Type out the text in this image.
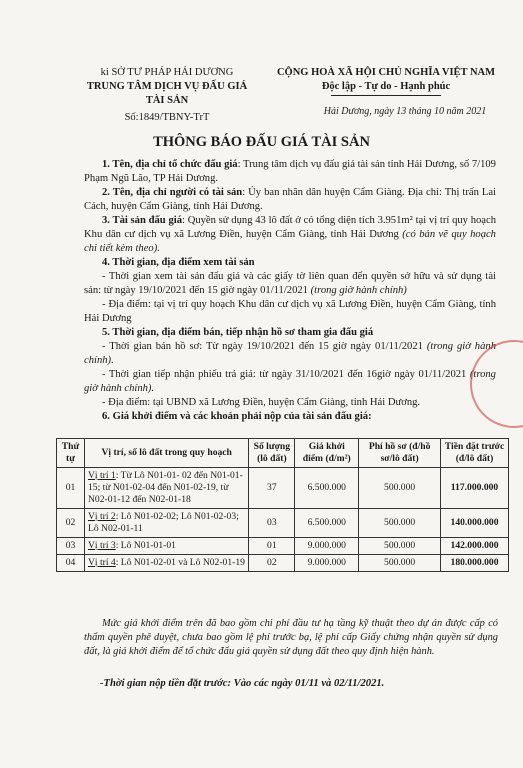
ki SỞ TƯ PHÁP HẢI DƯƠNG
TRUNG TÂM DỊCH VỤ ĐẤU GIÁ TÀI SẢN
Số:1849/TBNY-TrT
CỘNG HOÀ XÃ HỘI CHỦ NGHĨA VIỆT NAM
Độc lập - Tự do - Hạnh phúc
Hải Dương, ngày 13 tháng 10 năm 2021
THÔNG BÁO ĐẤU GIÁ TÀI SẢN

1. Tên, địa chỉ tổ chức đấu giá: Trung tâm dịch vụ đấu giá tài sản tỉnh Hải Dương, số 7/109 Phạm Ngũ Lão, TP Hải Dương.

2. Tên, địa chỉ người có tài sản: Ủy ban nhân dân huyện Cẩm Giàng. Địa chỉ: Thị trấn Lai Cách, huyện Cẩm Giàng, tỉnh Hải Dương.

3. Tài sản đấu giá: Quyền sử dụng 43 lô đất ở có tổng diện tích 3.951m² tại vị trí quy hoạch Khu dân cư dịch vụ xã Lương Điền, huyện Cẩm Giàng, tỉnh Hải Dương (có bản vẽ quy hoạch chi tiết kèm theo).

4. Thời gian, địa điểm xem tài sản

- Thời gian xem tài sản đấu giá và các giấy tờ liên quan đến quyền sở hữu và sử dụng tài sản: từ ngày 19/10/2021 đến 15 giờ ngày 01/11/2021 (trong giờ hành chính)

- Địa điểm: tại vị trí quy hoạch Khu dân cư dịch vụ xã Lương Điền, huyện Cẩm Giàng, tỉnh Hải Dương

5. Thời gian, địa điểm bán, tiếp nhận hồ sơ tham gia đấu giá

- Thời gian bán hồ sơ: Từ ngày 19/10/2021 đến 15 giờ ngày 01/11/2021 (trong giờ hành chính).

- Thời gian tiếp nhận phiếu trả giá: từ ngày 31/10/2021 đến 16giờ ngày 01/11/2021 (trong giờ hành chính).

- Địa điểm: tại UBND xã Lương Điền, huyện Cẩm Giàng, tỉnh Hải Dương.

6. Giá khởi điểm và các khoản phải nộp của tài sản đấu giá:

Thứ tự	Vị trí, số lô đất trong quy hoạch	Số lượng (lô đất)	Giá khởi điểm (đ/m²)	Phí hồ sơ (đ/hồ sơ/lô đất)	Tiền đặt trước (đ/lô đất)
01	Vị trí 1: Từ Lô N01-01- 02 đến N01-01-15; từ N01-02-04 đến N01-02-19, từ N02-01-12 đến N02-01-18	37	6.500.000	500.000	117.000.000
02	Vị trí 2: Lô N01-02-02; Lô N01-02-03; Lô N02-01-11	03	6.500.000	500.000	140.000.000
03	Vị trí 3: Lô N01-01-01	01	9.000.000	500.000	142.000.000
04	Vị trí 4: Lô N01-02-01 và Lô N02-01-19	02	9.000.000	500.000	180.000.000

Mức giá khởi điểm trên đã bao gồm chi phí đầu tư hạ tầng kỹ thuật theo dự án được cấp có thẩm quyền phê duyệt, chưa bao gồm lệ phí trước bạ, lệ phí cấp Giấy chứng nhận quyền sử dụng đất, là giá khởi điểm để tổ chức đấu giá quyền sử dụng đất theo quy định hiện hành.

-Thời gian nộp tiền đặt trước: Vào các ngày 01/11 và 02/11/2021.
